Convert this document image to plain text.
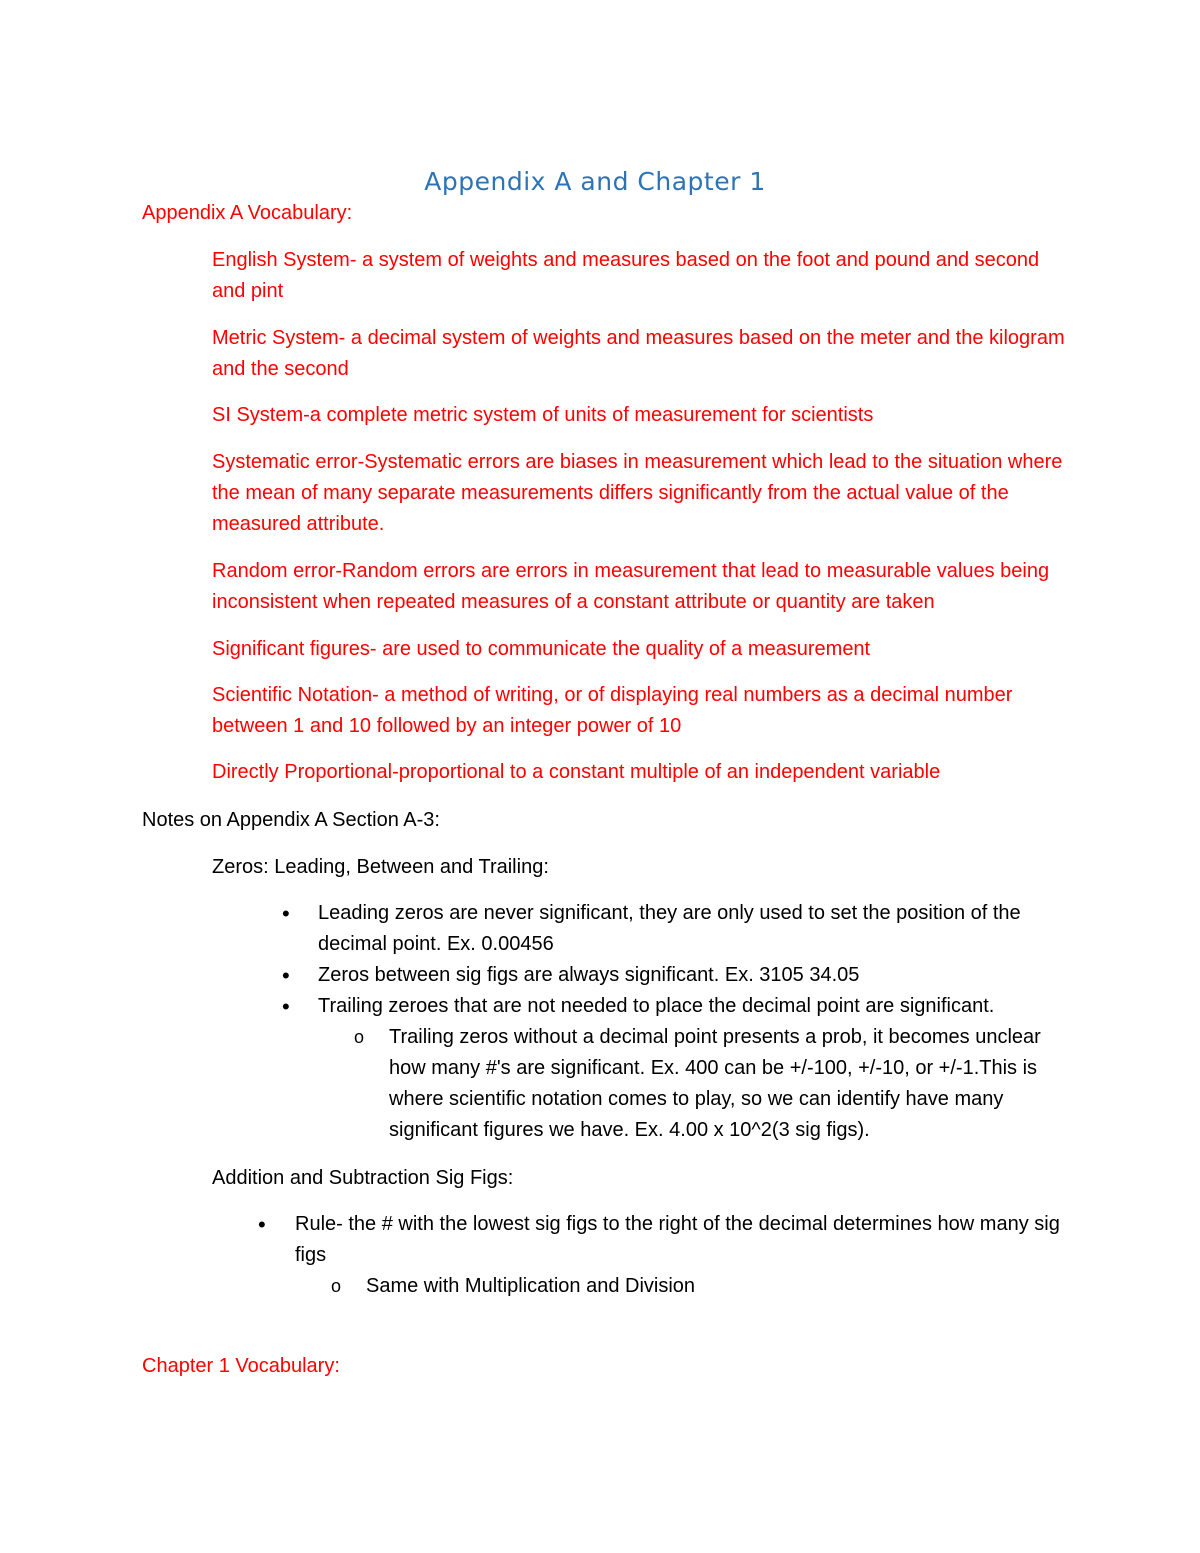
Appendix A and Chapter 1
Appendix A Vocabulary:

English System- a system of weights and measures based on the foot and pound and second and pint

Metric System- a decimal system of weights and measures based on the meter and the kilogram and the second

SI System-a complete metric system of units of measurement for scientists

Systematic error-Systematic errors are biases in measurement which lead to the situation where the mean of many separate measurements differs significantly from the actual value of the measured attribute.

Random error-Random errors are errors in measurement that lead to measurable values being inconsistent when repeated measures of a constant attribute or quantity are taken

Significant figures- are used to communicate the quality of a measurement

Scientific Notation- a method of writing, or of displaying real numbers as a decimal number between 1 and 10 followed by an integer power of 10

Directly Proportional-proportional to a constant multiple of an independent variable

Notes on Appendix A Section A-3:
Zeros: Leading, Between and Trailing:
• Leading zeros are never significant, they are only used to set the position of the decimal point. Ex. 0.00456

• Zeros between sig figs are always significant. Ex. 3105 34.05

• Trailing zeroes that are not needed to place the decimal point are significant.

o Trailing zeros without a decimal point presents a prob, it becomes unclear how many #'s are significant. Ex. 400 can be +/-100, +/-10, or +/-1.This is where scientific notation comes to play, so we can identify have many significant figures we have. Ex. 4.00 x 10^2(3 sig figs).

Addition and Subtraction Sig Figs:
• Rule- the # with the lowest sig figs to the right of the decimal determines how many sig figs

o Same with Multiplication and Division

Chapter 1 Vocabulary:
